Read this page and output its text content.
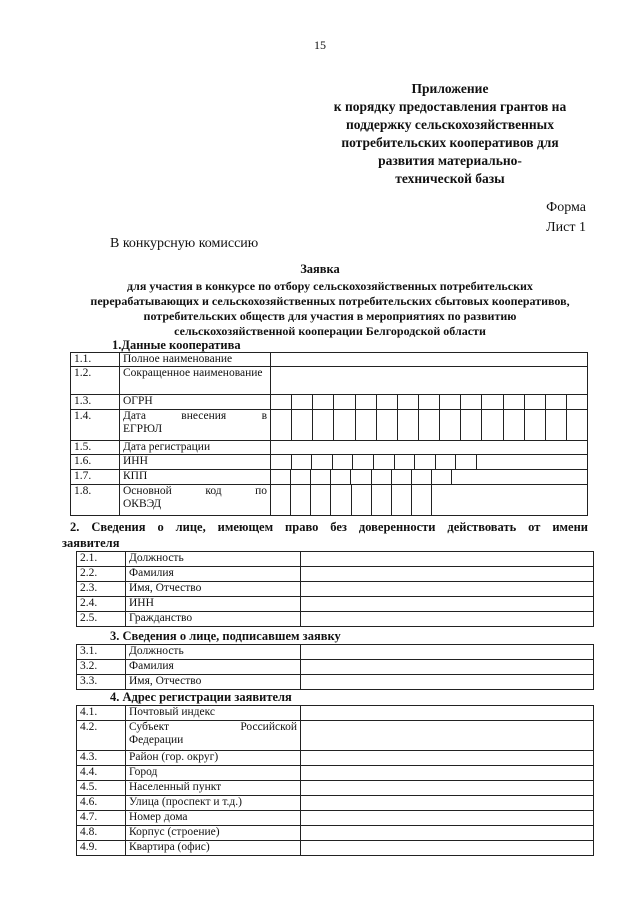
15
Приложение
к порядку предоставления грантов на
поддержку сельскохозяйственных
потребительских кооперативов для
развития материально-
технической базы
Форма
Лист 1
В конкурсную комиссию
Заявка
для участия в конкурсе по отбору сельскохозяйственных потребительских
перерабатывающих и сельскохозяйственных потребительских сбытовых кооперативов,
потребительских обществ для участия в мероприятиях по развитию
сельскохозяйственной кооперации Белгородской области
1.Данные кооператива
1.1.	Полное наименование	
1.2.	Сокращенное наименование	
1.3.	ОГРН	

1.4.	Дата внесения в
ЕГРЮЛ	

1.5.	Дата регистрации	
1.6.	ИНН	

1.7.	КПП	

1.8.	Основной код по
ОКВЭД	

2. Сведения о лице, имеющем право без доверенности действовать от имени
заявителя
2.1.	Должность	
2.2.	Фамилия	
2.3.	Имя, Отчество	
2.4.	ИНН	
2.5.	Гражданство	
3. Сведения о лице, подписавшем заявку
3.1.	Должность	
3.2.	Фамилия	
3.3.	Имя, Отчество	
4. Адрес регистрации заявителя
4.1.	Почтовый индекс	
4.2.	Субъект Российской
Федерации	

4.3.	Район (гор. округ)	
4.4.	Город	
4.5.	Населенный пункт	
4.6.	Улица (проспект и т.д.)	
4.7.	Номер дома	
4.8.	Корпус (строение)	
4.9.	Квартира (офис)	
